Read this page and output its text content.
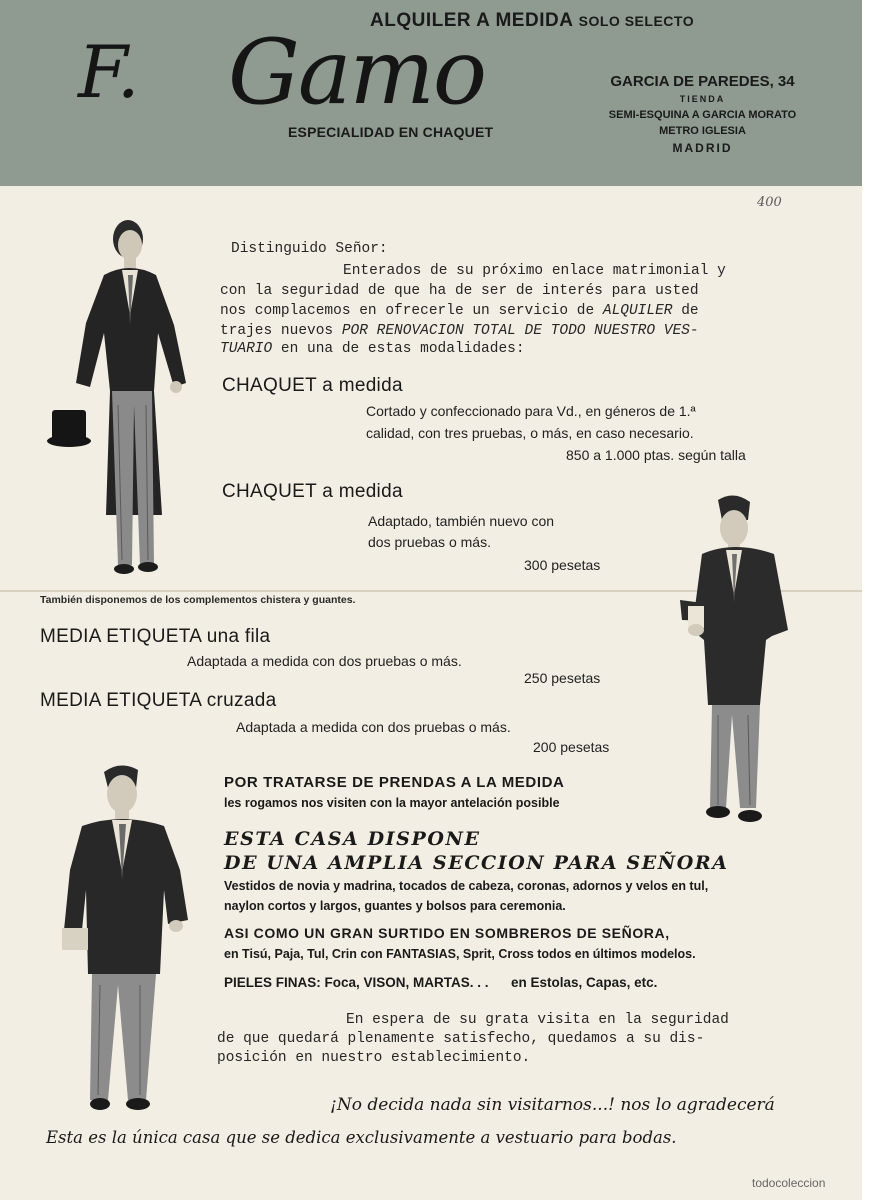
ALQUILER A MEDIDA SOLO SELECTO
F. Gamo
ESPECIALIDAD EN CHAQUET
GARCIA DE PAREDES, 34
TIENDA
SEMI-ESQUINA A GARCIA MORATO
METRO IGLESIA
MADRID
400
Distinguido Señor:
Enterados de su próximo enlace matrimonial y
con la seguridad de que ha de ser de interés para usted
nos complacemos en ofrecerle un servicio de ALQUILER de
trajes nuevos POR RENOVACION TOTAL DE TODO NUESTRO VES-
TUARIO en una de estas modalidades:
CHAQUET a medida
Cortado y confeccionado para Vd., en géneros de 1.ª
calidad, con tres pruebas, o más, en caso necesario.
850 a 1.000 ptas. según talla
CHAQUET a medida
Adaptado, también nuevo con
dos pruebas o más.
300 pesetas
También disponemos de los complementos chistera y guantes.
MEDIA ETIQUETA una fila
Adaptada a medida con dos pruebas o más.
250 pesetas
MEDIA ETIQUETA cruzada
Adaptada a medida con dos pruebas o más.
200 pesetas
POR TRATARSE DE PRENDAS A LA MEDIDA
les rogamos nos visiten con la mayor antelación posible
ESTA CASA DISPONE
DE UNA AMPLIA SECCION PARA SEÑORA
Vestidos de novia y madrina, tocados de cabeza, coronas, adornos y velos en tul,
naylon cortos y largos, guantes y bolsos para ceremonia.
ASI COMO UN GRAN SURTIDO EN SOMBREROS DE SEÑORA,
en Tisú, Paja, Tul, Crin con FANTASIAS, Sprit, Cross todos en últimos modelos.
PIELES FINAS: Foca, VISON, MARTAS. . .      en Estolas, Capas, etc.
En espera de su grata visita en la seguridad
de que quedará plenamente satisfecho, quedamos a su dis-
posición en nuestro establecimiento.
¡No decida nada sin visitarnos...! nos lo agradecerá
Esta es la única casa que se dedica exclusivamente a vestuario para bodas.
todocoleccion
